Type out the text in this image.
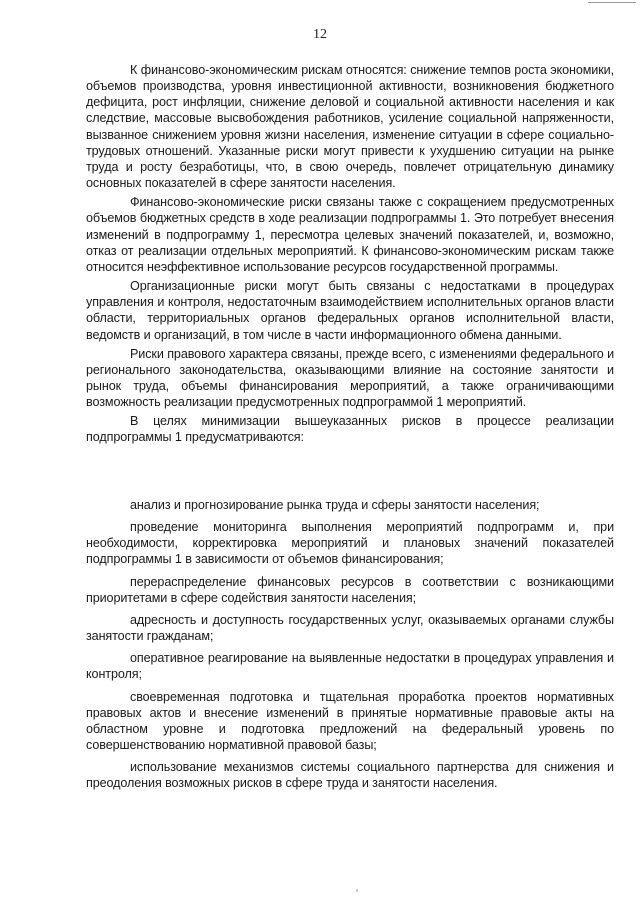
12

К финансово-экономическим рискам относятся: снижение темпов роста экономики, объемов производства, уровня инвестиционной активности, возникновения бюджетного дефицита, рост инфляции, снижение деловой и социальной активности населения и как следствие, массовые высвобождения работников, усиление социальной напряженности, вызванное снижением уровня жизни населения, изменение ситуации в сфере социально-трудовых отношений. Указанные риски могут привести к ухудшению ситуации на рынке труда и росту безработицы, что, в свою очередь, повлечет отрицательную динамику основных показателей в сфере занятости населения.

Финансово-экономические риски связаны также с сокращением предусмотренных объемов бюджетных средств в ходе реализации подпрограммы 1. Это потребует внесения изменений в подпрограмму 1, пересмотра целевых значений показателей, и, возможно, отказ от реализации отдельных мероприятий. К финансово-экономическим рискам также относится неэффективное использование ресурсов государственной программы.

Организационные риски могут быть связаны с недостатками в процедурах управления и контроля, недостаточным взаимодействием исполнительных органов власти области, территориальных органов федеральных органов исполнительной власти, ведомств и организаций, в том числе в части информационного обмена данными.

Риски правового характера связаны, прежде всего, с изменениями федерального и регионального законодательства, оказывающими влияние на состояние занятости и рынок труда, объемы финансирования мероприятий, а также ограничивающими возможность реализации предусмотренных подпрограммой 1 мероприятий.

В целях минимизации вышеуказанных рисков в процессе реализации подпрограммы 1 предусматриваются:

анализ и прогнозирование рынка труда и сферы занятости населения;

проведение мониторинга выполнения мероприятий подпрограмм и, при необходимости, корректировка мероприятий и плановых значений показателей подпрограммы 1 в зависимости от объемов финансирования;

перераспределение финансовых ресурсов в соответствии с возникающими приоритетами в сфере содействия занятости населения;

адресность и доступность государственных услуг, оказываемых органами службы занятости гражданам;

оперативное реагирование на выявленные недостатки в процедурах управления и контроля;

своевременная подготовка и тщательная проработка проектов нормативных правовых актов и внесение изменений в принятые нормативные правовые акты на областном уровне и подготовка предложений на федеральный уровень по совершенствованию нормативной правовой базы;

использование механизмов системы социального партнерства для снижения и преодоления возможных рисков в сфере труда и занятости населения.
